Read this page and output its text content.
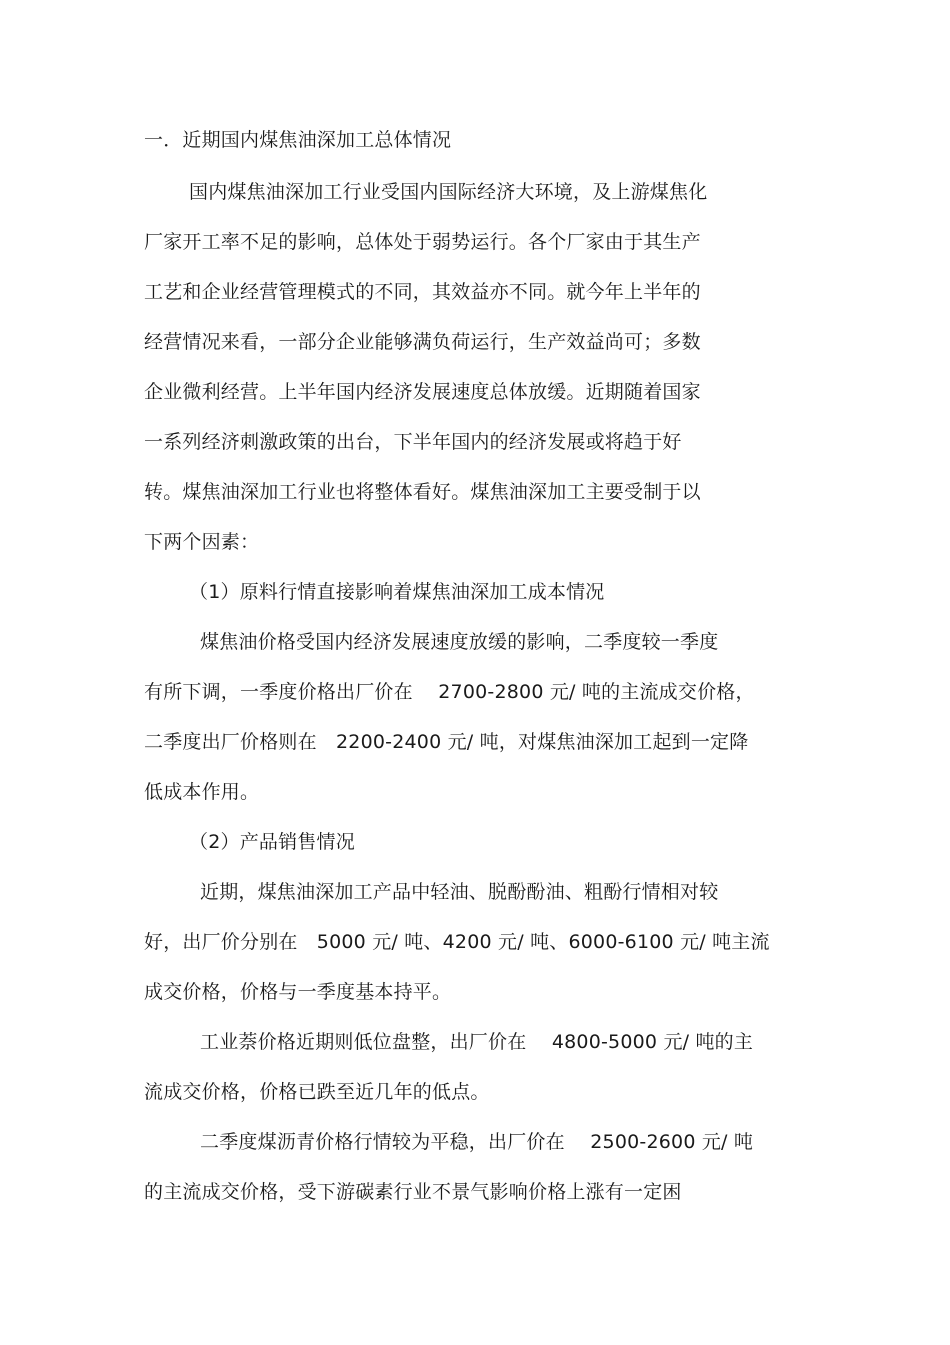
一．近期国内煤焦油深加工总体情况
国内煤焦油深加工行业受国内国际经济大环境，及上游煤焦化
厂家开工率不足的影响，总体处于弱势运行。各个厂家由于其生产
工艺和企业经营管理模式的不同，其效益亦不同。就今年上半年的
经营情况来看，一部分企业能够满负荷运行，生产效益尚可；多数
企业微利经营。上半年国内经济发展速度总体放缓。近期随着国家
一系列经济刺激政策的出台，下半年国内的经济发展或将趋于好
转。煤焦油深加工行业也将整体看好。煤焦油深加工主要受制于以
下两个因素：
（1）原料行情直接影响着煤焦油深加工成本情况
煤焦油价格受国内经济发展速度放缓的影响，二季度较一季度
有所下调，一季度价格出厂价在　 2700-2800 元/ 吨的主流成交价格，
二季度出厂价格则在　2200-2400 元/ 吨，对煤焦油深加工起到一定降
低成本作用。
（2）产品销售情况
近期，煤焦油深加工产品中轻油、脱酚酚油、粗酚行情相对较
好，出厂价分别在　5000 元/ 吨、4200 元/ 吨、6000-6100 元/ 吨主流
成交价格，价格与一季度基本持平。
工业萘价格近期则低位盘整，出厂价在　 4800-5000 元/ 吨的主
流成交价格，价格已跌至近几年的低点。
二季度煤沥青价格行情较为平稳，出厂价在　 2500-2600 元/ 吨
的主流成交价格，受下游碳素行业不景气影响价格上涨有一定困
